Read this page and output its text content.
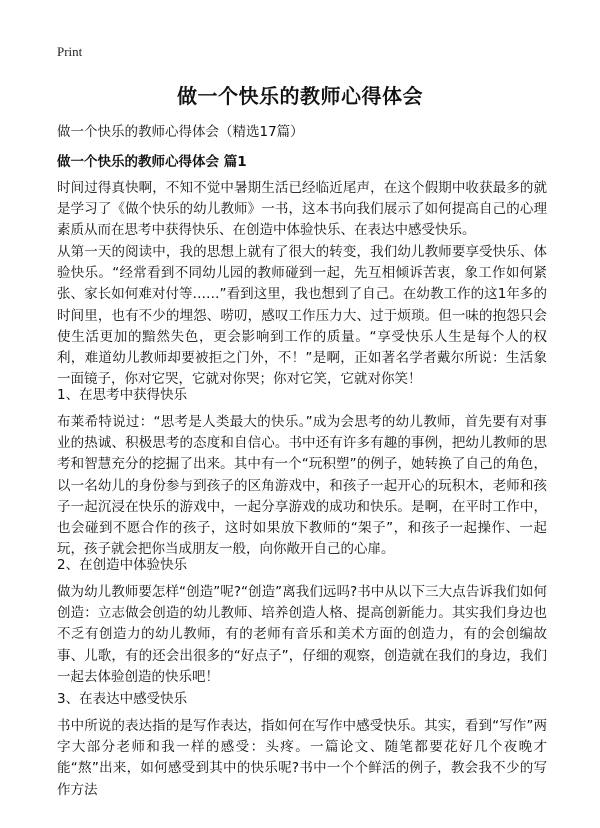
Print
做一个快乐的教师心得体会
做一个快乐的教师心得体会（精选17篇）
做一个快乐的教师心得体会 篇1

时间过得真快啊，不知不觉中暑期生活已经临近尾声，在这个假期中收获最多的就是学习了《做个快乐的幼儿教师》一书，这本书向我们展示了如何提高自己的心理素质从而在思考中获得快乐、在创造中体验快乐、在表达中感受快乐。

从第一天的阅读中，我的思想上就有了很大的转变，我们幼儿教师要享受快乐、体验快乐。“经常看到不同幼儿园的教师碰到一起，先互相倾诉苦衷，象工作如何紧张、家长如何难对付等……”看到这里，我也想到了自己。在幼教工作的这1年多的时间里，也有不少的埋怨、唠叨，感叹工作压力大、过于烦琐。但一味的抱怨只会使生活更加的黯然失色，更会影响到工作的质量。“享受快乐人生是每个人的权利，难道幼儿教师却要被拒之门外，不！”是啊，正如著名学者戴尔所说：生活象一面镜子，你对它哭，它就对你哭；你对它笑，它就对你笑！

1、在思考中获得快乐

布莱希特说过：“思考是人类最大的快乐。”成为会思考的幼儿教师，首先要有对事业的热诚、积极思考的态度和自信心。书中还有许多有趣的事例，把幼儿教师的思考和智慧充分的挖掘了出来。其中有一个“玩积塑”的例子，她转换了自己的角色，以一名幼儿的身份参与到孩子的区角游戏中，和孩子一起开心的玩积木，老师和孩子一起沉浸在快乐的游戏中，一起分享游戏的成功和快乐。是啊，在平时工作中，也会碰到不愿合作的孩子，这时如果放下教师的“架子”，和孩子一起操作、一起玩，孩子就会把你当成朋友一般，向你敞开自己的心扉。

2、在创造中体验快乐

做为幼儿教师要怎样“创造”呢?“创造”离我们远吗?书中从以下三大点告诉我们如何创造：立志做会创造的幼儿教师、培养创造人格、提高创新能力。其实我们身边也不乏有创造力的幼儿教师，有的老师有音乐和美术方面的创造力，有的会创编故事、儿歌，有的还会出很多的“好点子”，仔细的观察，创造就在我们的身边，我们一起去体验创造的快乐吧！

3、在表达中感受快乐

书中所说的表达指的是写作表达，指如何在写作中感受快乐。其实，看到“写作”两字大部分老师和我一样的感受：头疼。一篇论文、随笔都要花好几个夜晚才能“熬”出来，如何感受到其中的快乐呢?书中一个个鲜活的例子，教会我不少的写作方法
